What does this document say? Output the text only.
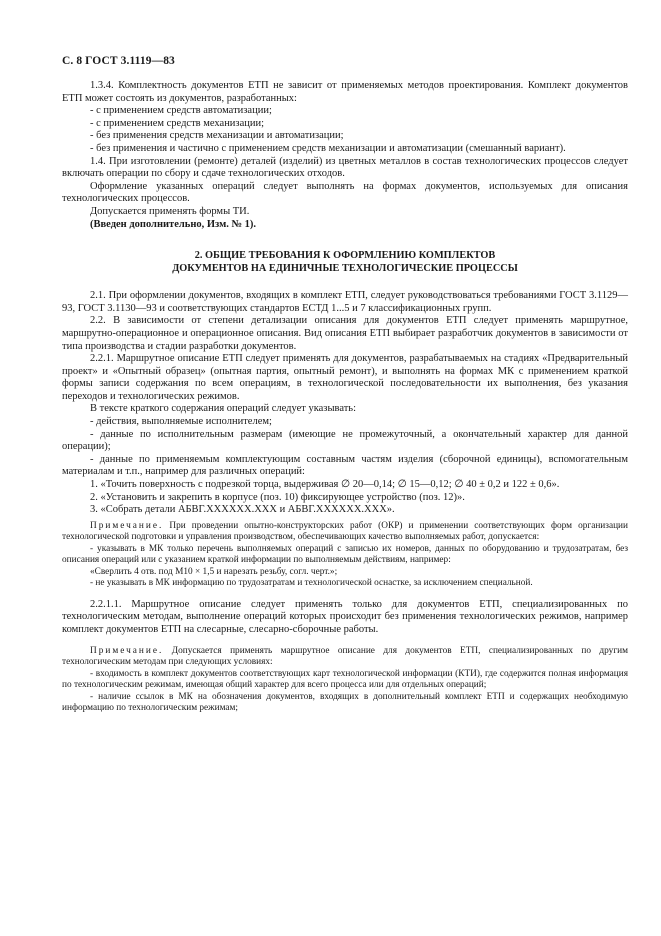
С. 8 ГОСТ 3.1119—83

1.3.4. Комплектность документов ЕТП не зависит от применяемых методов проектирования. Комплект документов ЕТП может состоять из документов, разработанных:

- с применением средств автоматизации;

- с применением средств механизации;

- без применения средств механизации и автоматизации;

- без применения и частично с применением средств механизации и автоматизации (смешанный вариант).

1.4. При изготовлении (ремонте) деталей (изделий) из цветных металлов в состав технологических процессов следует включать операции по сбору и сдаче технологических отходов.

Оформление указанных операций следует выполнять на формах документов, используемых для описания технологических процессов.

Допускается применять формы ТИ.

(Введен дополнительно, Изм. № 1).

2. ОБЩИЕ ТРЕБОВАНИЯ К ОФОРМЛЕНИЮ КОМПЛЕКТОВ
ДОКУМЕНТОВ НА ЕДИНИЧНЫЕ ТЕХНОЛОГИЧЕСКИЕ ПРОЦЕССЫ

2.1. При оформлении документов, входящих в комплект ЕТП, следует руководствоваться требованиями ГОСТ 3.1129—93, ГОСТ 3.1130—93 и соответствующих стандартов ЕСТД 1...5 и 7 классификационных групп.

2.2. В зависимости от степени детализации описания для документов ЕТП следует применять маршрутное, маршрутно-операционное и операционное описания. Вид описания ЕТП выбирает разработчик документов в зависимости от типа производства и стадии разработки документов.

2.2.1. Маршрутное описание ЕТП следует применять для документов, разрабатываемых на стадиях «Предварительный проект» и «Опытный образец» (опытная партия, опытный ремонт), и выполнять на формах МК с применением краткой формы записи содержания по всем операциям, в технологической последовательности их выполнения, без указания переходов и технологических режимов.

В тексте краткого содержания операций следует указывать:

- действия, выполняемые исполнителем;

- данные по исполнительным размерам (имеющие не промежуточный, а окончательный характер для данной операции);

- данные по применяемым комплектующим составным частям изделия (сборочной единицы), вспомогательным материалам и т.п., например для различных операций:

1. «Точить поверхность с подрезкой торца, выдерживая ∅ 20—0,14; ∅ 15—0,12; ∅ 40 ± 0,2 и 122 ± 0,6».

2. «Установить и закрепить в корпусе (поз. 10) фиксирующее устройство (поз. 12)».

3. «Собрать детали АБВГ.XXXXXX.XXX и АБВГ.XXXXXX.XXX».

Примечание. При проведении опытно-конструкторских работ (ОКР) и применении соответствующих форм организации технологической подготовки и управления производством, обеспечивающих качество выполняемых работ, допускается:

- указывать в МК только перечень выполняемых операций с записью их номеров, данных по оборудованию и трудозатратам, без описания операций или с указанием краткой информации по выполняемым действиям, например:

«Сверлить 4 отв. под M10 × 1,5 и нарезать резьбу, согл. черт.»;

- не указывать в МК информацию по трудозатратам и технологической оснастке, за исключением специальной.

2.2.1.1. Маршрутное описание следует применять только для документов ЕТП, специализированных по технологическим методам, выполнение операций которых происходит без применения технологических режимов, например комплект документов ЕТП на слесарные, слесарно-сборочные работы.

Примечание. Допускается применять маршрутное описание для документов ЕТП, специализированных по другим технологическим методам при следующих условиях:

- входимость в комплект документов соответствующих карт технологической информации (КТИ), где содержится полная информация по технологическим режимам, имеющая общий характер для всего процесса или для отдельных операций;

- наличие ссылок в МК на обозначения документов, входящих в дополнительный комплект ЕТП и содержащих необходимую информацию по технологическим режимам;
